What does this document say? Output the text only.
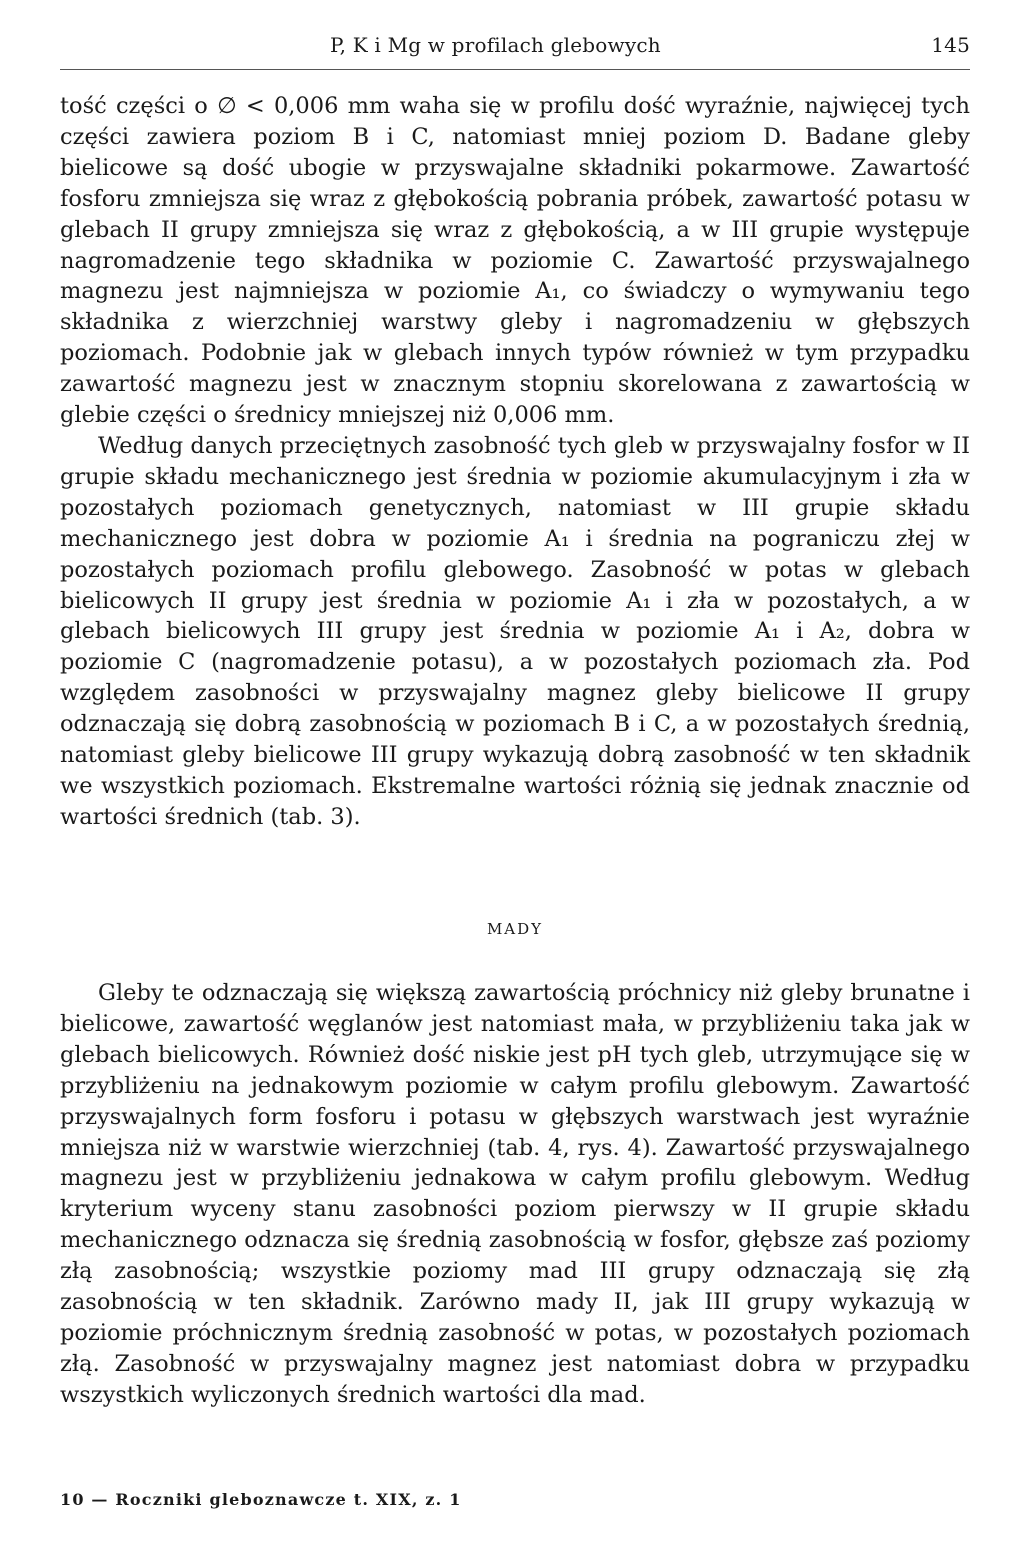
P, K i Mg w profilach glebowych	145

tość części o ∅ < 0,006 mm waha się w profilu dość wyraźnie, najwięcej tych części zawiera poziom B i C, natomiast mniej poziom D. Badane gleby bielicowe są dość ubogie w przyswajalne składniki pokarmowe. Zawartość fosforu zmniejsza się wraz z głębokością pobrania próbek, zawartość potasu w glebach II grupy zmniejsza się wraz z głębokością, a w III grupie występuje nagromadzenie tego składnika w poziomie C. Zawartość przyswajalnego magnezu jest najmniejsza w poziomie A₁, co świadczy o wymywaniu tego składnika z wierzchniej warstwy gleby i nagromadzeniu w głębszych poziomach. Podobnie jak w glebach innych typów również w tym przypadku zawartość magnezu jest w znacznym stopniu skorelowana z zawartością w glebie części o średnicy mniejszej niż 0,006 mm.

Według danych przeciętnych zasobność tych gleb w przyswajalny fosfor w II grupie składu mechanicznego jest średnia w poziomie akumulacyjnym i zła w pozostałych poziomach genetycznych, natomiast w III grupie składu mechanicznego jest dobra w poziomie A₁ i średnia na pograniczu złej w pozostałych poziomach profilu glebowego. Zasobność w potas w glebach bielicowych II grupy jest średnia w poziomie A₁ i zła w pozostałych, a w glebach bielicowych III grupy jest średnia w poziomie A₁ i A₂, dobra w poziomie C (nagromadzenie potasu), a w pozostałych poziomach zła. Pod względem zasobności w przyswajalny magnez gleby bielicowe II grupy odznaczają się dobrą zasobnością w poziomach B i C, a w pozostałych średnią, natomiast gleby bielicowe III grupy wykazują dobrą zasobność w ten składnik we wszystkich poziomach. Ekstremalne wartości różnią się jednak znacznie od wartości średnich (tab. 3).

MADY

Gleby te odznaczają się większą zawartością próchnicy niż gleby brunatne i bielicowe, zawartość węglanów jest natomiast mała, w przybliżeniu taka jak w glebach bielicowych. Również dość niskie jest pH tych gleb, utrzymujące się w przybliżeniu na jednakowym poziomie w całym profilu glebowym. Zawartość przyswajalnych form fosforu i potasu w głębszych warstwach jest wyraźnie mniejsza niż w warstwie wierzchniej (tab. 4, rys. 4). Zawartość przyswajalnego magnezu jest w przybliżeniu jednakowa w całym profilu glebowym. Według kryterium wyceny stanu zasobności poziom pierwszy w II grupie składu mechanicznego odznacza się średnią zasobnością w fosfor, głębsze zaś poziomy złą zasobnością; wszystkie poziomy mad III grupy odznaczają się złą zasobnością w ten składnik. Zarówno mady II, jak III grupy wykazują w poziomie próchnicznym średnią zasobność w potas, w pozostałych poziomach złą. Zasobność w przyswajalny magnez jest natomiast dobra w przypadku wszystkich wyliczonych średnich wartości dla mad.

10 — Roczniki gleboznawcze t. XIX, z. 1
